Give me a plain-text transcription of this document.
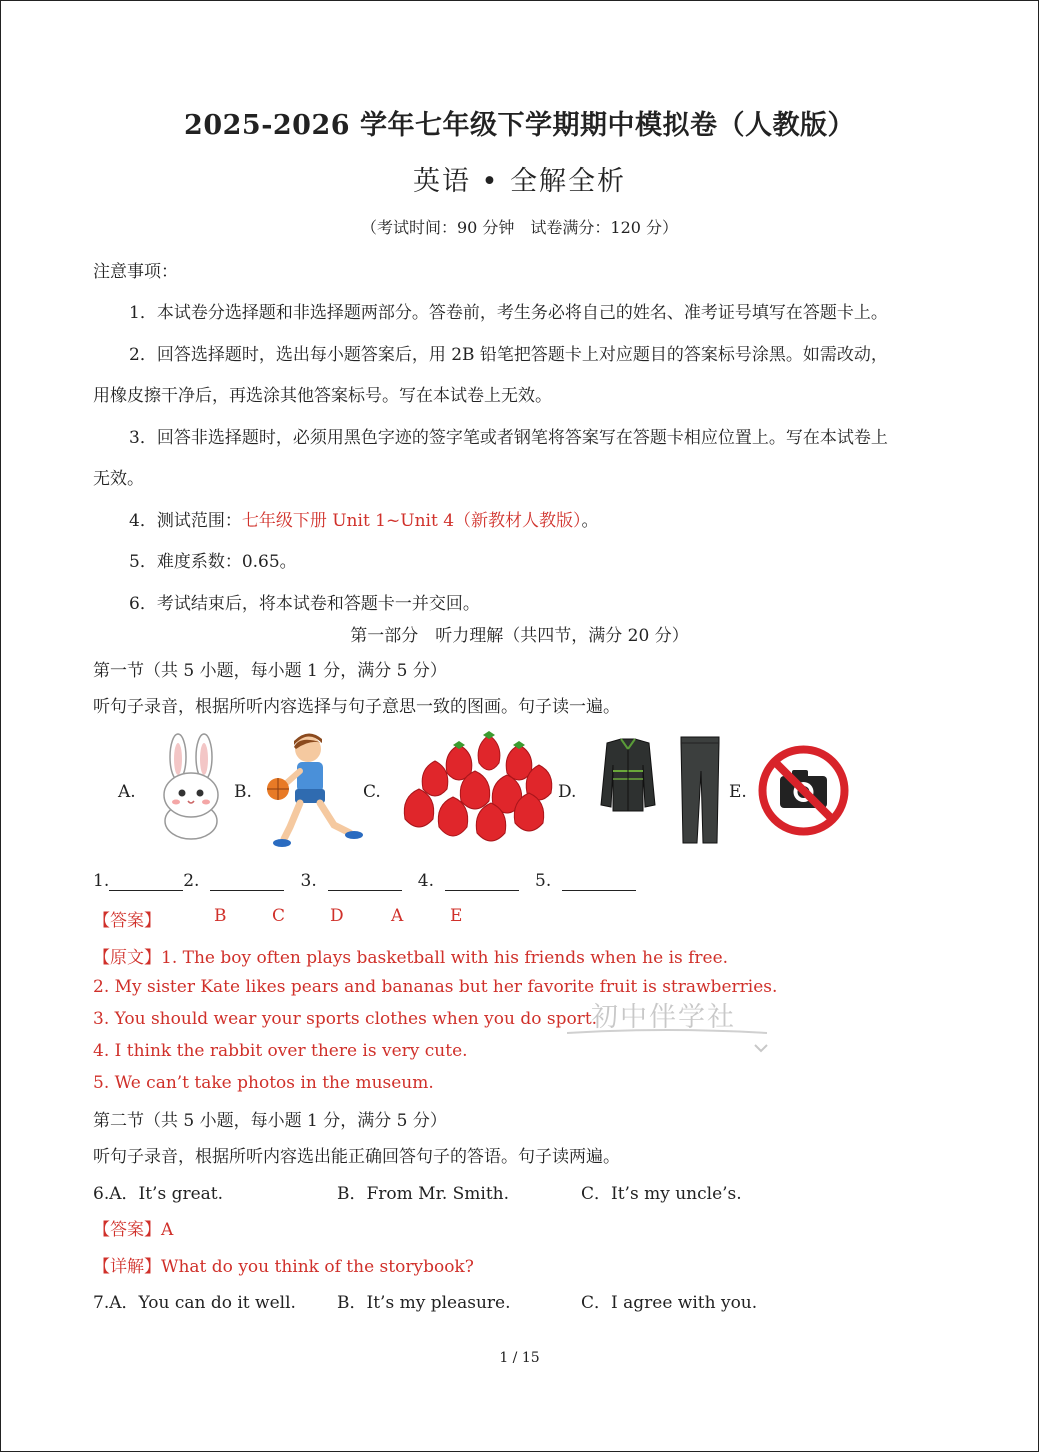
2025-2026 学年七年级下学期期中模拟卷（人教版）
英语 • 全解全析
（考试时间：90 分钟　试卷满分：120 分）
注意事项：
1．本试卷分选择题和非选择题两部分。答卷前，考生务必将自己的姓名、准考证号填写在答题卡上。
2．回答选择题时，选出每小题答案后，用 2B 铅笔把答题卡上对应题目的答案标号涂黑。如需改动，
用橡皮擦干净后，再选涂其他答案标号。写在本试卷上无效。
3．回答非选择题时，必须用黑色字迹的签字笔或者钢笔将答案写在答题卡相应位置上。写在本试卷上
无效。
4．测试范围：七年级下册 Unit 1~Unit 4（新教材人教版）。
5．难度系数：0.65。
6．考试结束后，将本试卷和答题卡一并交回。
第一部分　听力理解（共四节，满分 20 分）
第一节（共 5 小题，每小题 1 分，满分 5 分）
听句子录音，根据所听内容选择与句子意思一致的图画。句子读一遍。
A.	B.	C.	D.	E.
1.	2.	3.	4.	5.
【答案】	B	C	D	A	E
【原文】1. The boy often plays basketball with his friends when he is free.
2. My sister Kate likes pears and bananas but her favorite fruit is strawberries.
3. You should wear your sports clothes when you do sport.
4. I think the rabbit over there is very cute.
5. We can’t take photos in the museum.
初中伴学社
第二节（共 5 小题，每小题 1 分，满分 5 分）
听句子录音，根据所听内容选出能正确回答句子的答语。句子读两遍。
6.A．It’s great.	B．From Mr. Smith.	C．It’s my uncle’s.
【答案】A
【详解】What do you think of the storybook?
7.A．You can do it well. B．It’s my pleasure.	C．I agree with you.
1 / 15
